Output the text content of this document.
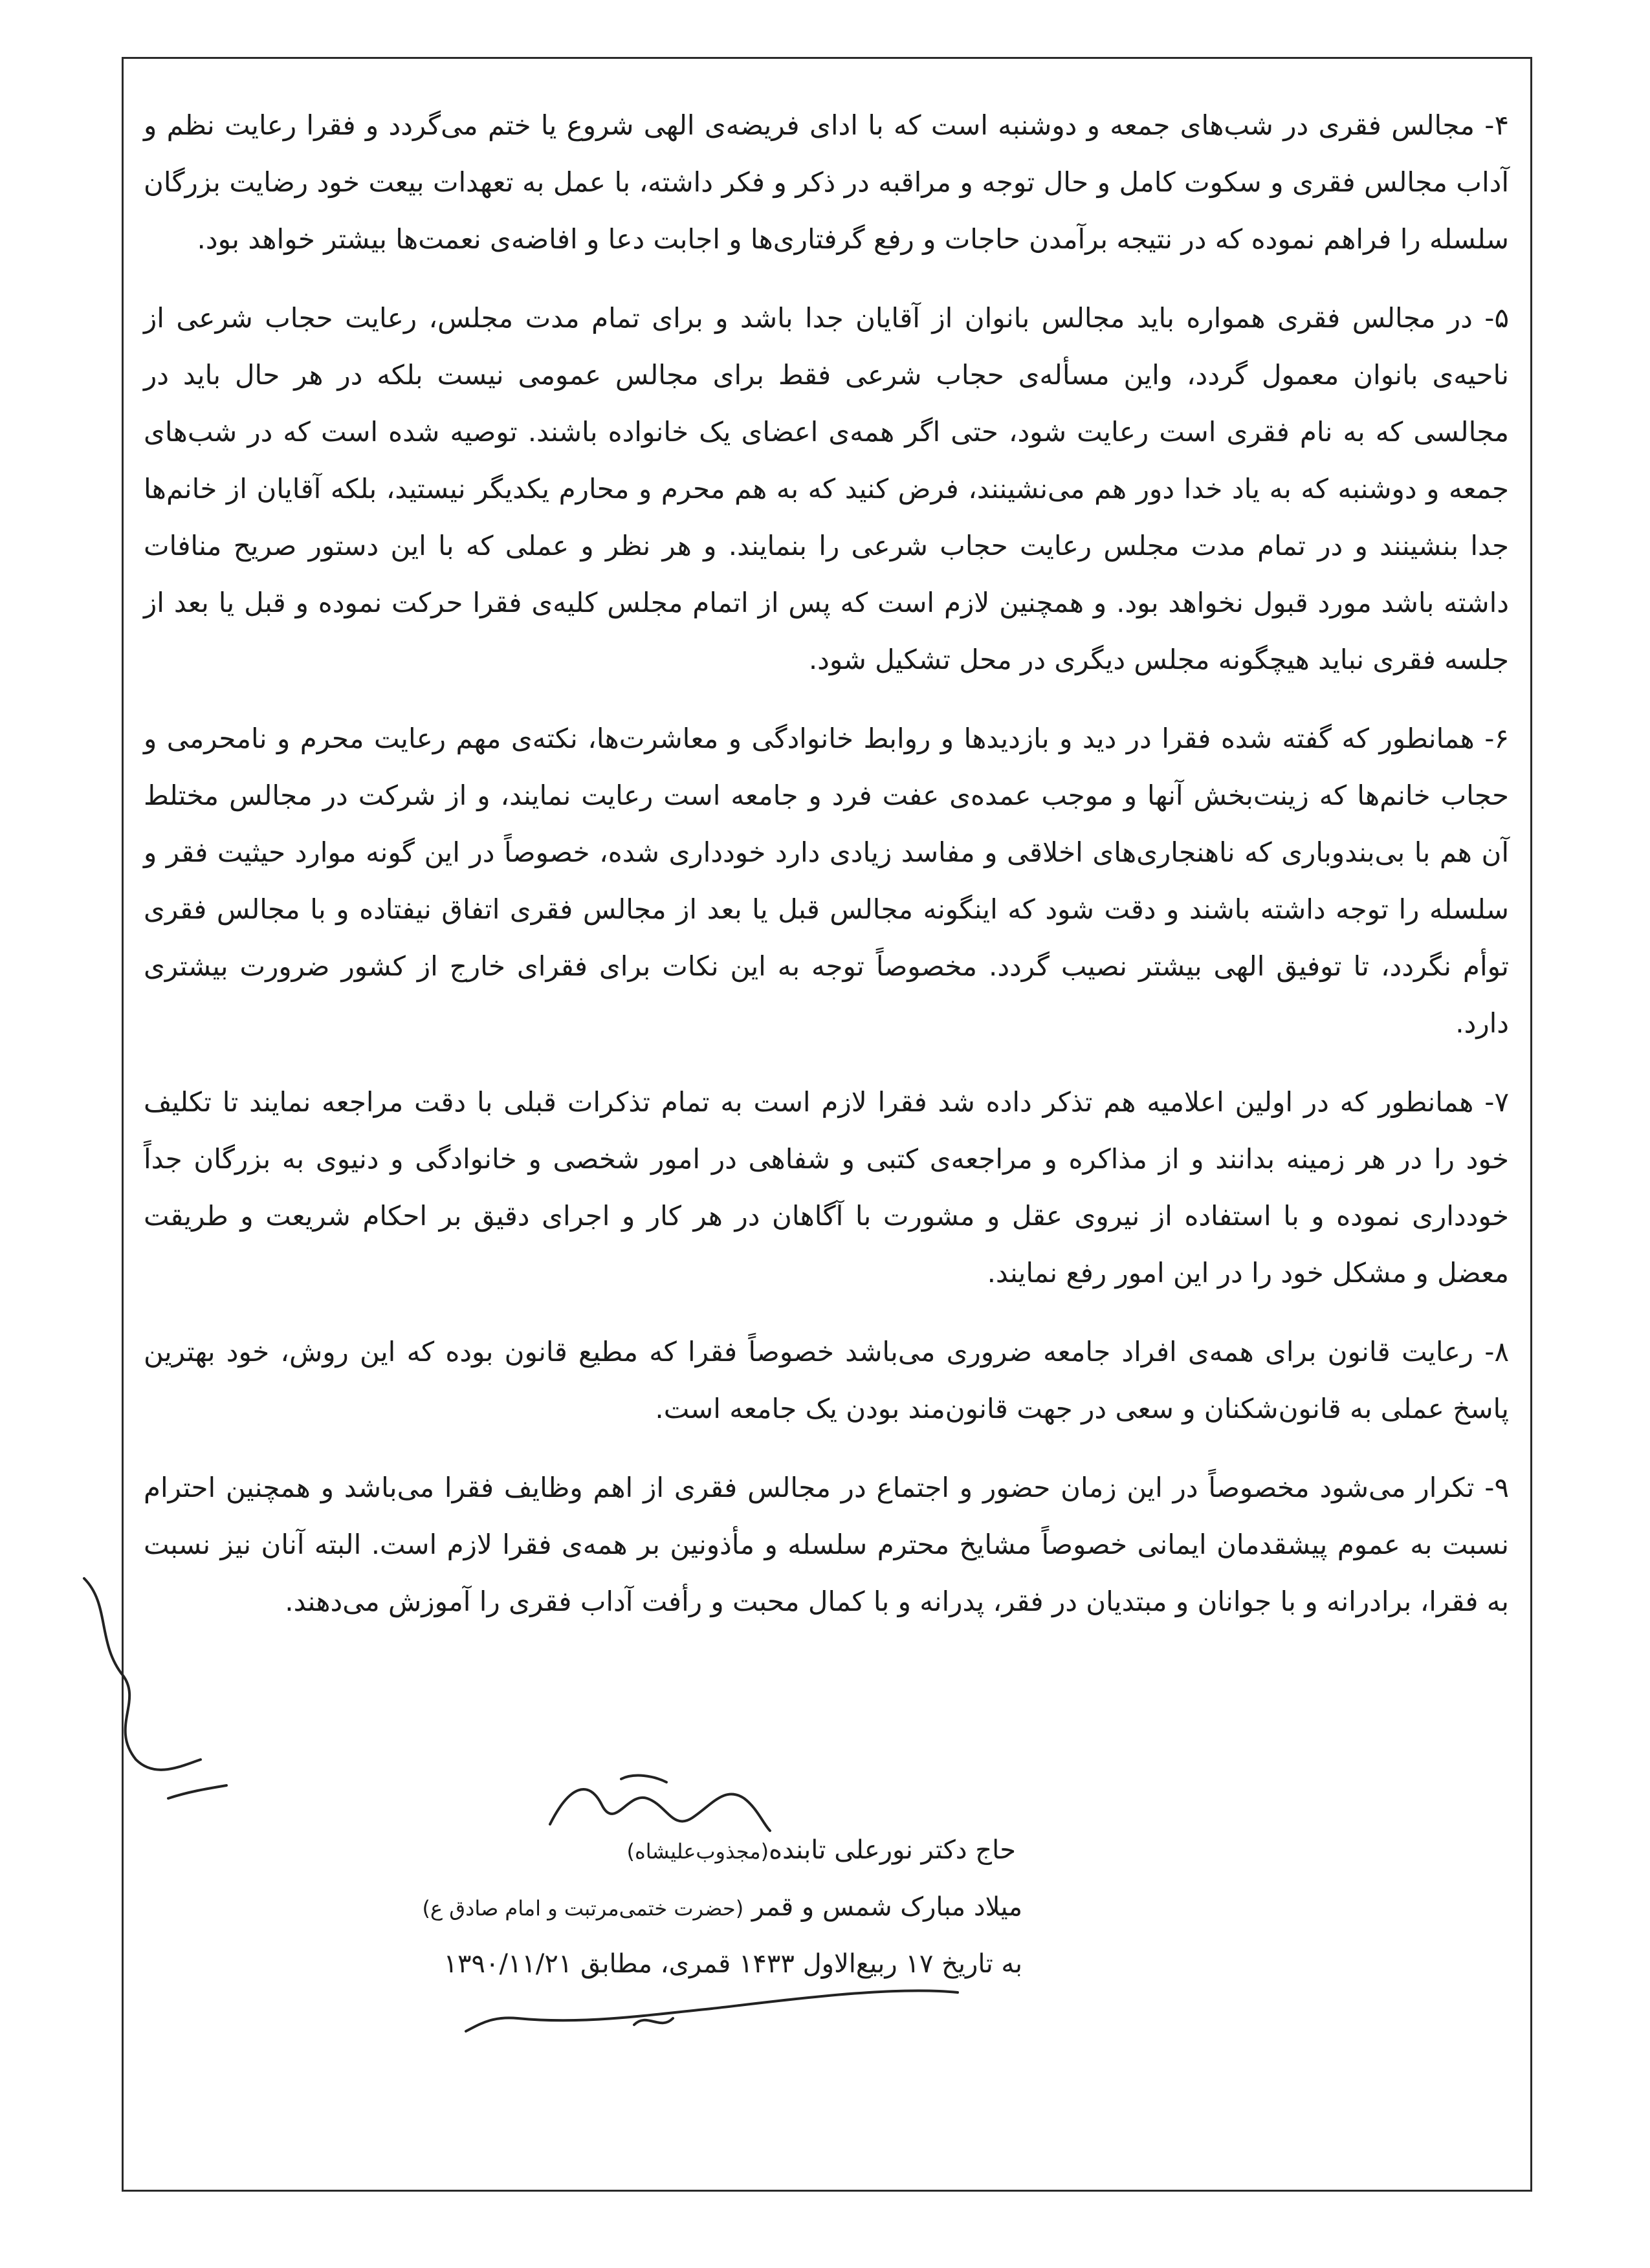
۴- مجالس فقری در شب‌های جمعه و دوشنبه است که با ادای فریضه‌ی الهی شروع یا ختم می‌گردد و فقرا رعایت نظم و آداب مجالس فقری و سکوت کامل و حال توجه و مراقبه در ذکر و فکر داشته، با عمل به تعهدات بیعت خود رضایت بزرگان سلسله را فراهم نموده که در نتیجه برآمدن حاجات و رفع گرفتاری‌ها و اجابت دعا و افاضه‌ی نعمت‌ها بیشتر خواهد بود.

۵- در مجالس فقری همواره باید مجالس بانوان از آقایان جدا باشد و برای تمام مدت مجلس، رعایت حجاب شرعی از ناحیه‌ی بانوان معمول گردد، واین مسأله‌ی حجاب شرعی فقط برای مجالس عمومی نیست بلکه در هر حال باید در مجالسی که به نام فقری است رعایت شود، حتی اگر همه‌ی اعضای یک خانواده باشند. توصیه شده است که در شب‌های جمعه و دوشنبه که به یاد خدا دور هم می‌نشینند، فرض کنید که به هم محرم و محارم یکدیگر نیستید، بلکه آقایان از خانم‌ها جدا بنشینند و در تمام مدت مجلس رعایت حجاب شرعی را بنمایند. و هر نظر و عملی که با این دستور صریح منافات داشته باشد مورد قبول نخواهد بود. و همچنین لازم است که پس از اتمام مجلس کلیه‌ی فقرا حرکت نموده و قبل یا بعد از جلسه فقری نباید هیچگونه مجلس دیگری در محل تشکیل شود.

۶- همانطور که گفته شده فقرا در دید و بازدیدها و روابط خانوادگی و معاشرت‌ها، نکته‌ی مهم رعایت محرم و نامحرمی و حجاب خانم‌ها که زینت‌بخش آنها و موجب عمده‌ی عفت فرد و جامعه است رعایت نمایند، و از شرکت در مجالس مختلط آن هم با بی‌بندوباری که ناهنجاری‌های اخلاقی و مفاسد زیادی دارد خودداری شده، خصوصاً در این گونه موارد حیثیت فقر و سلسله را توجه داشته باشند و دقت شود که اینگونه مجالس قبل یا بعد از مجالس فقری اتفاق نیفتاده و با مجالس فقری توأم نگردد، تا توفیق الهی بیشتر نصیب گردد. مخصوصاً توجه به این نکات برای فقرای خارج از کشور ضرورت بیشتری دارد.

۷- همانطور که در اولین اعلامیه هم تذکر داده شد فقرا لازم است به تمام تذکرات قبلی با دقت مراجعه نمایند تا تکلیف خود را در هر زمینه بدانند و از مذاکره و مراجعه‌ی کتبی و شفاهی در امور شخصی و خانوادگی و دنیوی به بزرگان جداً خودداری نموده و با استفاده از نیروی عقل و مشورت با آگاهان در هر کار و اجرای دقیق بر احکام شریعت و طریقت معضل و مشکل خود را در این امور رفع نمایند.

۸- رعایت قانون برای همه‌ی افراد جامعه ضروری می‌باشد خصوصاً فقرا که مطیع قانون بوده که این روش، خود بهترین پاسخ عملی به قانون‌شکنان و سعی در جهت قانون‌مند بودن یک جامعه است.

۹- تکرار می‌شود مخصوصاً در این زمان حضور و اجتماع در مجالس فقری از اهم وظایف فقرا می‌باشد و همچنین احترام نسبت به عموم پیشقدمان ایمانی خصوصاً مشایخ محترم سلسله و مأذونین بر همه‌ی فقرا لازم است. البته آنان نیز نسبت به فقرا، برادرانه و با جوانان و مبتدیان در فقر، پدرانه و با کمال محبت و رأفت آداب فقری را آموزش می‌دهند.

حاج دکتر نورعلی تابنده(مجذوب‌علیشاه)
میلاد مبارک شمس و قمر (حضرت ختمی‌مرتبت و امام صادق ع)
به تاریخ ۱۷ ربیع‌الاول ۱۴۳۳ قمری، مطابق ۱۳۹۰/۱۱/۲۱
